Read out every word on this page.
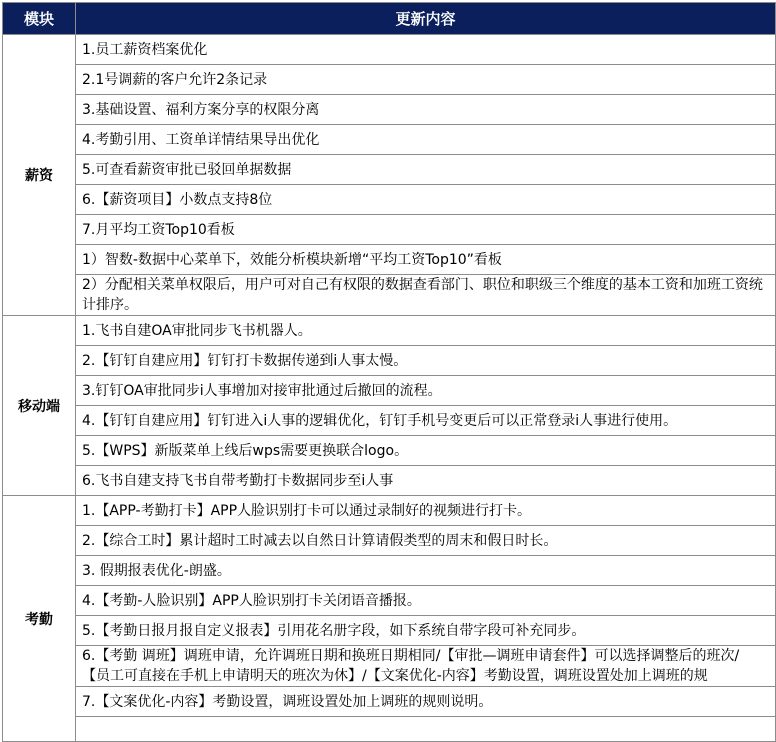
模块	更新内容
薪资	1.员工薪资档案优化
	2.1号调薪的客户允许2条记录
	3.基础设置、福利方案分享的权限分离
	4.考勤引用、工资单详情结果导出优化
	5.可查看薪资审批已驳回单据数据
	6.【薪资项目】小数点支持8位
	7.月平均工资Top10看板
	1）智数-数据中心菜单下，效能分析模块新增“平均工资Top10”看板
	2）分配相关菜单权限后，用户可对自己有权限的数据查看部门、职位和职级三个维度的基本工资和加班工资统计排序。
移动端	1.飞书自建OA审批同步飞书机器人。
	2.【钉钉自建应用】钉钉打卡数据传递到i人事太慢。
	3.钉钉OA审批同步i人事增加对接审批通过后撤回的流程。
	4.【钉钉自建应用】钉钉进入i人事的逻辑优化，钉钉手机号变更后可以正常登录i人事进行使用。
	5.【WPS】新版菜单上线后wps需要更换联合logo。
	6.飞书自建支持飞书自带考勤打卡数据同步至i人事
考勤	1.【APP-考勤打卡】APP人脸识别打卡可以通过录制好的视频进行打卡。
	2.【综合工时】累计超时工时减去以自然日计算请假类型的周末和假日时长。
	3. 假期报表优化-朗盛。
	4.【考勤-人脸识别】APP人脸识别打卡关闭语音播报。
	5.【考勤日报月报自定义报表】引用花名册字段，如下系统自带字段可补充同步。
	6.【考勤 调班】调班申请，允许调班日期和换班日期相同/【审批—调班申请套件】可以选择调整后的班次/【员工可直接在手机上申请明天的班次为休】/【文案优化-内容】考勤设置，调班设置处加上调班的规
	7.【文案优化-内容】考勤设置，调班设置处加上调班的规则说明。
